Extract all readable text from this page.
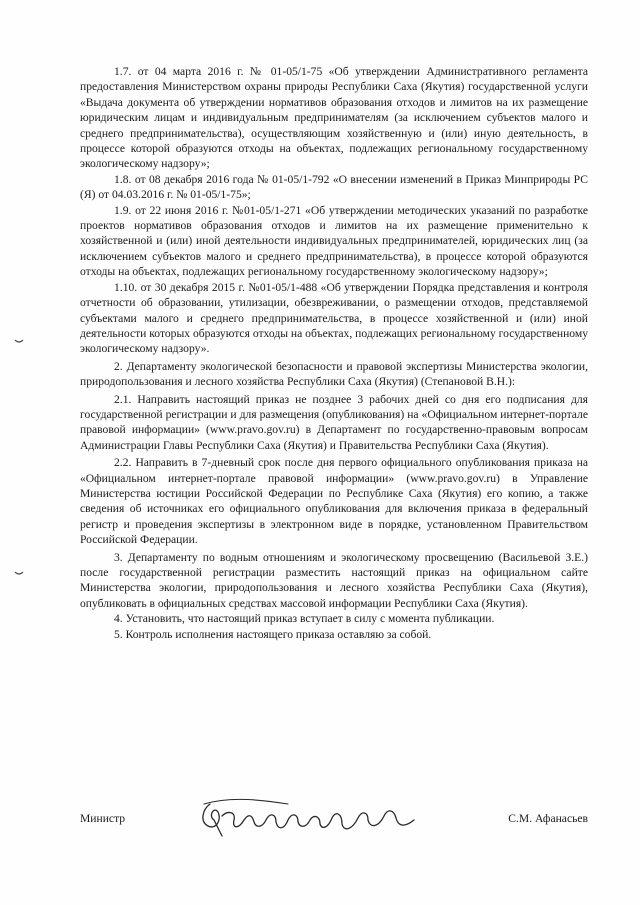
1.7. от 04 марта 2016 г. № 01-05/1-75 «Об утверждении Административного регламента предоставления Министерством охраны природы Республики Саха (Якутия) государственной услуги «Выдача документа об утверждении нормативов образования отходов и лимитов на их размещение юридическим лицам и индивидуальным предпринимателям (за исключением субъектов малого и среднего предпринимательства), осуществляющим хозяйственную и (или) иную деятельность, в процессе которой образуются отходы на объектах, подлежащих региональному государственному экологическому надзору»;

1.8. от 08 декабря 2016 года № 01-05/1-792 «О внесении изменений в Приказ Минприроды РС (Я) от 04.03.2016 г. № 01-05/1-75»;

1.9. от 22 июня 2016 г. №01-05/1-271 «Об утверждении методических указаний по разработке проектов нормативов образования отходов и лимитов на их размещение применительно к хозяйственной и (или) иной деятельности индивидуальных предпринимателей, юридических лиц (за исключением субъектов малого и среднего предпринимательства), в процессе которой образуются отходы на объектах, подлежащих региональному государственному экологическому надзору»;

1.10. от 30 декабря 2015 г. №01-05/1-488 «Об утверждении Порядка представления и контроля отчетности об образовании, утилизации, обезвреживании, о размещении отходов, представляемой субъектами малого и среднего предпринимательства, в процессе хозяйственной и (или) иной деятельности которых образуются отходы на объектах, подлежащих региональному государственному экологическому надзору».

2. Департаменту экологической безопасности и правовой экспертизы Министерства экологии, природопользования и лесного хозяйства Республики Саха (Якутия) (Степановой В.Н.):

2.1. Направить настоящий приказ не позднее 3 рабочих дней со дня его подписания для государственной регистрации и для размещения (опубликования) на «Официальном интернет-портале правовой информации» (www.pravo.gov.ru) в Департамент по государственно-правовым вопросам Администрации Главы Республики Саха (Якутия) и Правительства Республики Саха (Якутия).

2.2. Направить в 7-дневный срок после дня первого официального опубликования приказа на «Официальном интернет-портале правовой информации» (www.pravo.gov.ru) в Управление Министерства юстиции Российской Федерации по Республике Саха (Якутия) его копию, а также сведения об источниках его официального опубликования для включения приказа в федеральный регистр и проведения экспертизы в электронном виде в порядке, установленном Правительством Российской Федерации.

3. Департаменту по водным отношениям и экологическому просвещению (Васильевой З.Е.) после государственной регистрации разместить настоящий приказ на официальном сайте Министерства экологии, природопользования и лесного хозяйства Республики Саха (Якутия), опубликовать в официальных средствах массовой информации Республики Саха (Якутия).

4. Установить, что настоящий приказ вступает в силу с момента публикации.

5. Контроль исполнения настоящего приказа оставляю за собой.

Министр	С.М. Афанасьев
